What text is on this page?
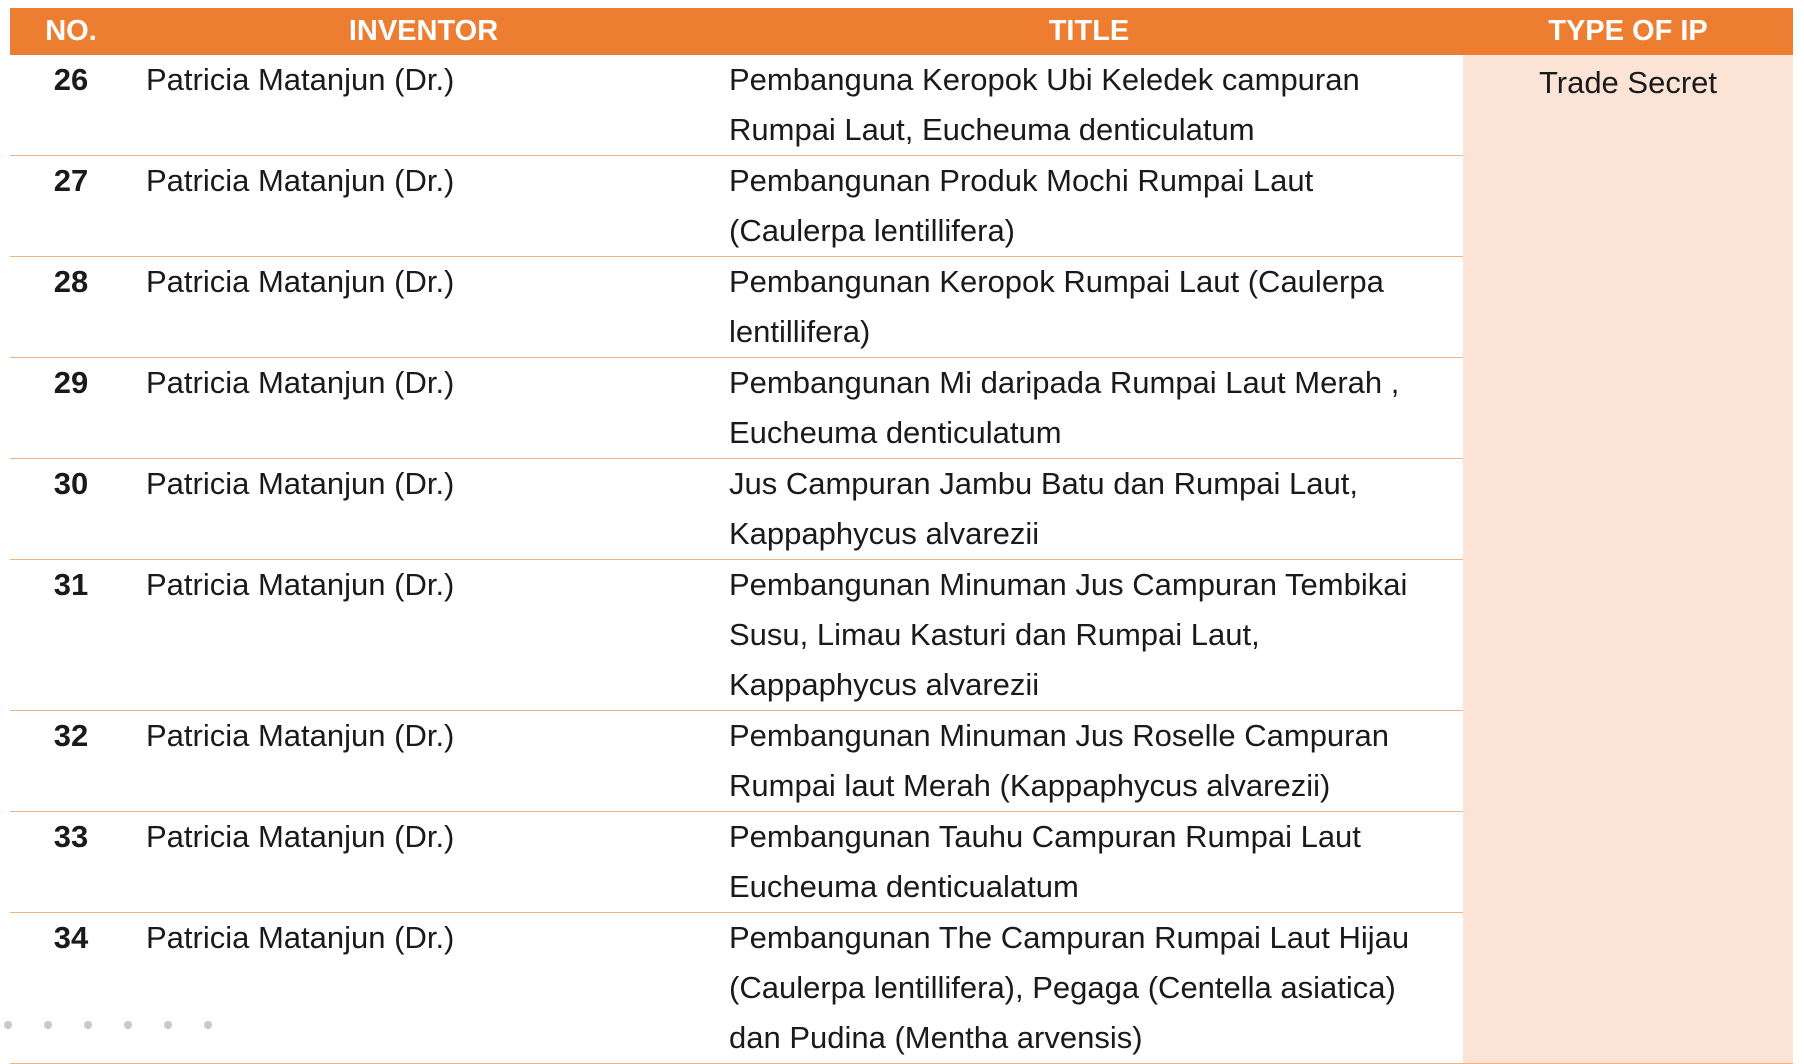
NO.	INVENTOR	TITLE	TYPE OF IP
26	Patricia Matanjun (Dr.)	Pembanguna Keropok Ubi Keledek campuran Rumpai Laut, Eucheuma denticulatum	Trade Secret
27	Patricia Matanjun (Dr.)	Pembangunan Produk Mochi Rumpai Laut (Caulerpa lentillifera)	
28	Patricia Matanjun (Dr.)	Pembangunan Keropok Rumpai Laut (Caulerpa lentillifera)	
29	Patricia Matanjun (Dr.)	Pembangunan Mi daripada Rumpai Laut Merah , Eucheuma denticulatum	
30	Patricia Matanjun (Dr.)	Jus Campuran Jambu Batu dan Rumpai Laut, Kappaphycus alvarezii	
31	Patricia Matanjun (Dr.)	Pembangunan Minuman Jus Campuran Tembikai Susu, Limau Kasturi dan Rumpai Laut, Kappaphycus alvarezii	
32	Patricia Matanjun (Dr.)	Pembangunan Minuman Jus Roselle Campuran Rumpai laut Merah (Kappaphycus alvarezii)	
33	Patricia Matanjun (Dr.)	Pembangunan Tauhu Campuran Rumpai Laut Eucheuma denticualatum	
34	Patricia Matanjun (Dr.)	Pembangunan The Campuran Rumpai Laut Hijau (Caulerpa lentillifera), Pegaga (Centella asiatica) dan Pudina (Mentha arvensis)	
